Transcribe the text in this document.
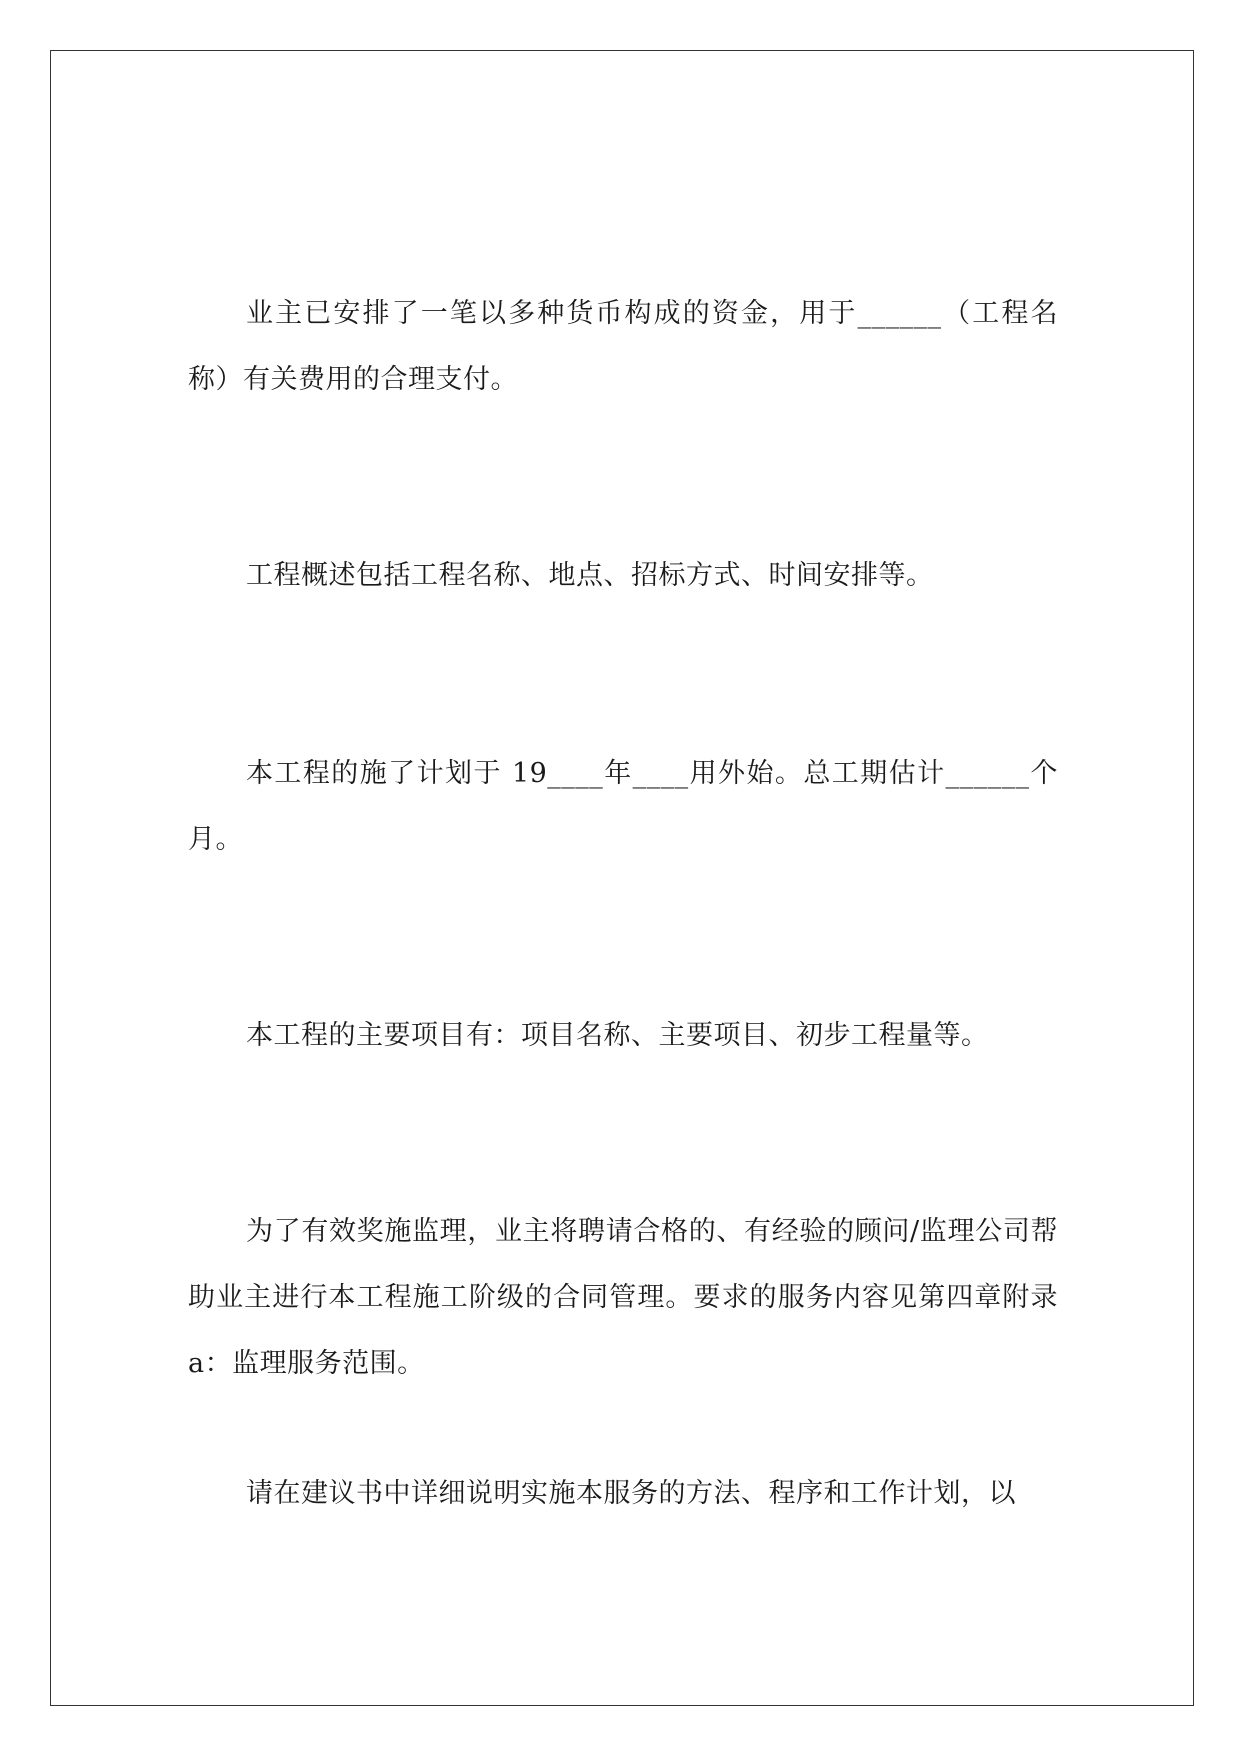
业主已安排了一笔以多种货币构成的资金，用于______（工程名称）有关费用的合理支付。

工程概述包括工程名称、地点、招标方式、时间安排等。

本工程的施了计划于 19____年____用外始。总工期估计______个月。

本工程的主要项目有：项目名称、主要项目、初步工程量等。

为了有效奖施监理，业主将聘请合格的、有经验的顾问/监理公司帮助业主进行本工程施工阶级的合同管理。要求的服务内容见第四章附录 a：监理服务范围。

请在建议书中详细说明实施本服务的方法、程序和工作计划，以
